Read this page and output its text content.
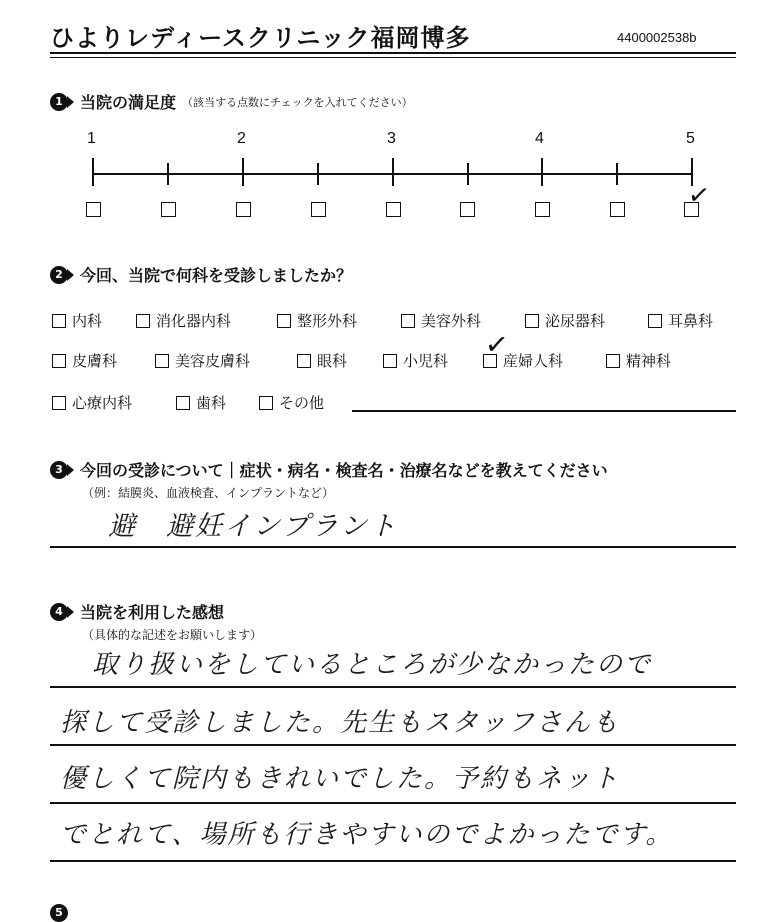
ひよりレディースクリニック福岡博多	4400002538b
1	当院の満足度 （該当する点数にチェックを入れてください）
1	2	3	4	5
✓
2	今回、当院で何科を受診しましたか？
内科	消化器内科	整形外科	美容外科	泌尿器科	耳鼻科
皮膚科	美容皮膚科	眼科	小児科	産婦人科
✓	精神科
心療内科	歯科	その他
3	今回の受診について｜症状・病名・検査名・治療名などを教えてください
（例：結膜炎、血液検査、インプラントなど）
避　避妊インプラント
4	当院を利用した感想
（具体的な記述をお願いします）
取り扱いをしているところが少なかったので
探して受診しました。先生もスタッフさんも
優しくて院内もきれいでした。予約もネット
でとれて、場所も行きやすいのでよかったです。
5
